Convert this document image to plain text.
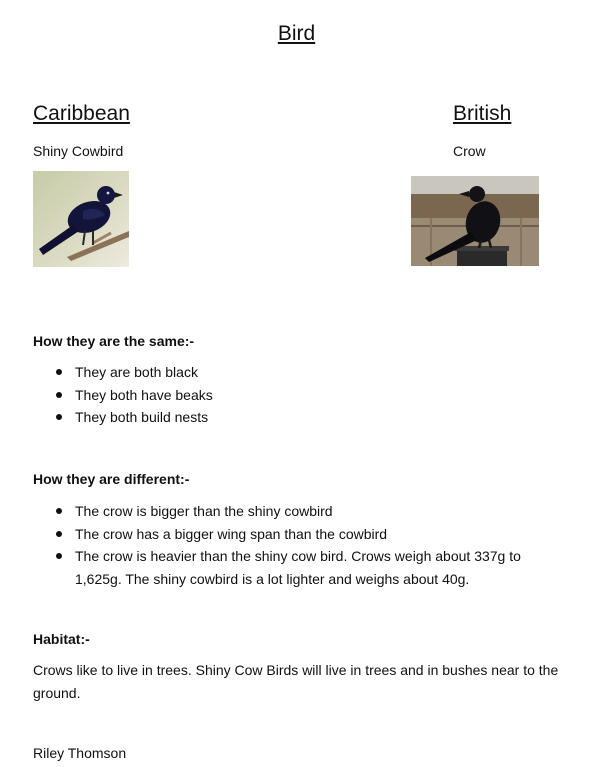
Bird
Caribbean	British
Shiny Cowbird	Crow
How they are the same:-
They are both black
They both have beaks
They both build nests
How they are different:-
The crow is bigger than the shiny cowbird
The crow has a bigger wing span than the cowbird
The crow is heavier than the shiny cow bird. Crows weigh about 337g to 1,625g. The shiny cowbird is a lot lighter and weighs about 40g.
Habitat:-

Crows like to live in trees. Shiny Cow Birds will live in trees and in bushes near to the ground.

Riley Thomson
